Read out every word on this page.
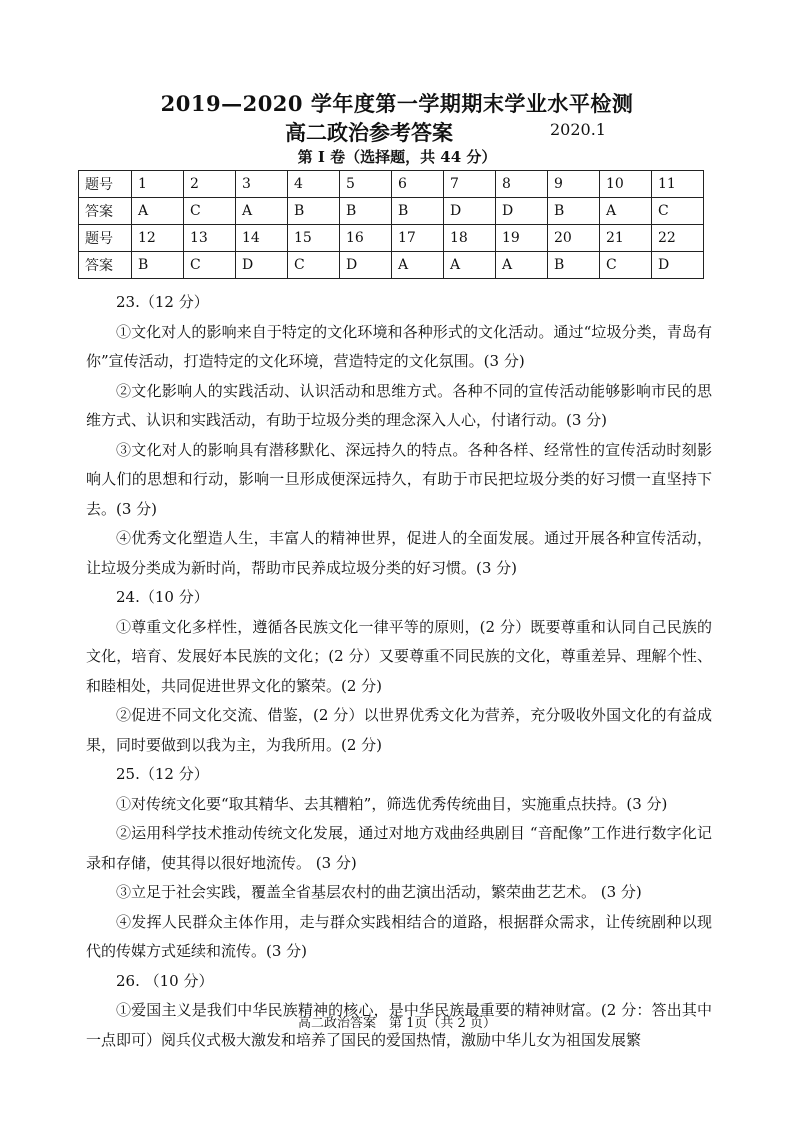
2019—2020 学年度第一学期期末学业水平检测
高二政治参考答案	2020.1
第 I 卷（选择题，共 44 分）
题号	1	2	3	4	5	6	7	8	9	10	11
答案	A	C	A	B	B	B	D	D	B	A	C
题号	12	13	14	15	16	17	18	19	20	21	22
答案	B	C	D	C	D	A	A	A	B	C	D

23.（12 分）

①文化对人的影响来自于特定的文化环境和各种形式的文化活动。通过“垃圾分类，青岛有你”宣传活动，打造特定的文化环境，营造特定的文化氛围。(3 分)

②文化影响人的实践活动、认识活动和思维方式。各种不同的宣传活动能够影响市民的思维方式、认识和实践活动，有助于垃圾分类的理念深入人心，付诸行动。(3 分)

③文化对人的影响具有潜移默化、深远持久的特点。各种各样、经常性的宣传活动时刻影响人们的思想和行动，影响一旦形成便深远持久，有助于市民把垃圾分类的好习惯一直坚持下去。(3 分)

④优秀文化塑造人生，丰富人的精神世界，促进人的全面发展。通过开展各种宣传活动，让垃圾分类成为新时尚，帮助市民养成垃圾分类的好习惯。(3 分)

24.（10 分）

①尊重文化多样性，遵循各民族文化一律平等的原则，(2 分）既要尊重和认同自己民族的文化，培育、发展好本民族的文化；(2 分）又要尊重不同民族的文化，尊重差异、理解个性、和睦相处，共同促进世界文化的繁荣。(2 分)

②促进不同文化交流、借鉴，(2 分）以世界优秀文化为营养，充分吸收外国文化的有益成果，同时要做到以我为主，为我所用。(2 分)

25.（12 分）

①对传统文化要“取其精华、去其糟粕”，筛选优秀传统曲目，实施重点扶持。(3 分)

②运用科学技术推动传统文化发展，通过对地方戏曲经典剧目 “音配像”工作进行数字化记录和存储，使其得以很好地流传。 (3 分)

③立足于社会实践，覆盖全省基层农村的曲艺演出活动，繁荣曲艺艺术。 (3 分)

④发挥人民群众主体作用，走与群众实践相结合的道路，根据群众需求，让传统剧种以现代的传媒方式延续和流传。(3 分)

26. （10 分）

①爱国主义是我们中华民族精神的核心，是中华民族最重要的精神财富。(2 分：答出其中一点即可）阅兵仪式极大激发和培养了国民的爱国热情，激励中华儿女为祖国发展繁

高二政治答案　第 1页（共 2 页）
